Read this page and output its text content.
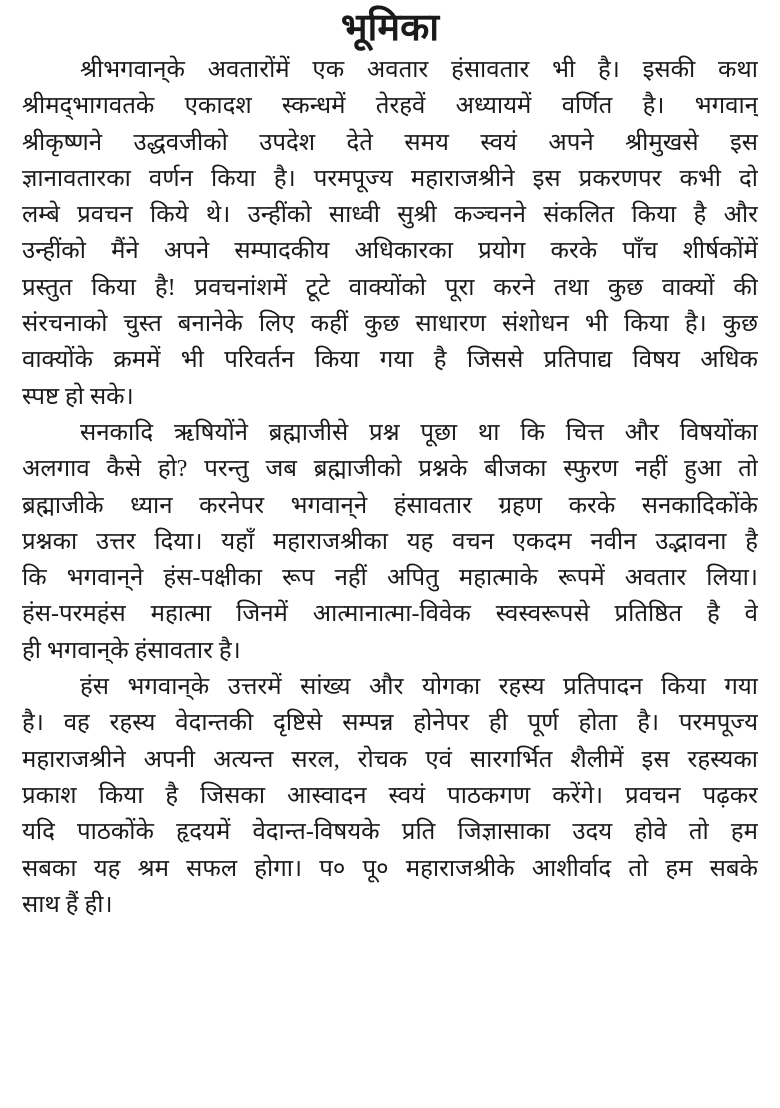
भूमिका
श्रीभगवान्‌के अवतारोंमें एक अवतार हंसावतार भी है। इसकी कथा
श्रीमद्‌भागवतके एकादश स्कन्धमें तेरहवें अध्यायमें वर्णित है। भगवान्
श्रीकृष्णने उद्धवजीको उपदेश देते समय स्वयं अपने श्रीमुखसे इस
ज्ञानावतारका वर्णन किया है। परमपूज्य महाराजश्रीने इस प्रकरणपर कभी दो
लम्बे प्रवचन किये थे। उन्हींको साध्वी सुश्री कञ्चनने संकलित किया है और
उन्हींको मैंने अपने सम्पादकीय अधिकारका प्रयोग करके पाँच शीर्षकोंमें
प्रस्तुत किया है! प्रवचनांशमें टूटे वाक्योंको पूरा करने तथा कुछ वाक्यों की
संरचनाको चुस्त बनानेके लिए कहीं कुछ साधारण संशोधन भी किया है। कुछ
वाक्योंके क्रममें भी परिवर्तन किया गया है जिससे प्रतिपाद्य विषय अधिक
स्पष्ट हो सके।
सनकादि ऋषियोंने ब्रह्माजीसे प्रश्न पूछा था कि चित्त और विषयोंका
अलगाव कैसे हो? परन्तु जब ब्रह्माजीको प्रश्नके बीजका स्फुरण नहीं हुआ तो
ब्रह्माजीके ध्यान करनेपर भगवान्‌ने हंसावतार ग्रहण करके सनकादिकोंके
प्रश्नका उत्तर दिया। यहाँ महाराजश्रीका यह वचन एकदम नवीन उद्भावना है
कि भगवान्‌ने हंस-पक्षीका रूप नहीं अपितु महात्माके रूपमें अवतार लिया।
हंस-परमहंस महात्मा जिनमें आत्मानात्मा-विवेक स्वस्वरूपसे प्रतिष्ठित है वे
ही भगवान्‌के हंसावतार है।
हंस भगवान्‌के उत्तरमें सांख्य और योगका रहस्य प्रतिपादन किया गया
है। वह रहस्य वेदान्तकी दृष्टिसे सम्पन्न होनेपर ही पूर्ण होता है। परमपूज्य
महाराजश्रीने अपनी अत्यन्त सरल, रोचक एवं सारगर्भित शैलीमें इस रहस्यका
प्रकाश किया है जिसका आस्वादन स्वयं पाठकगण करेंगे। प्रवचन पढ़कर
यदि पाठकोंके हृदयमें वेदान्त-विषयके प्रति जिज्ञासाका उदय होवे तो हम
सबका यह श्रम सफल होगा। प० पू० महाराजश्रीके आशीर्वाद तो हम सबके
साथ हैं ही।
